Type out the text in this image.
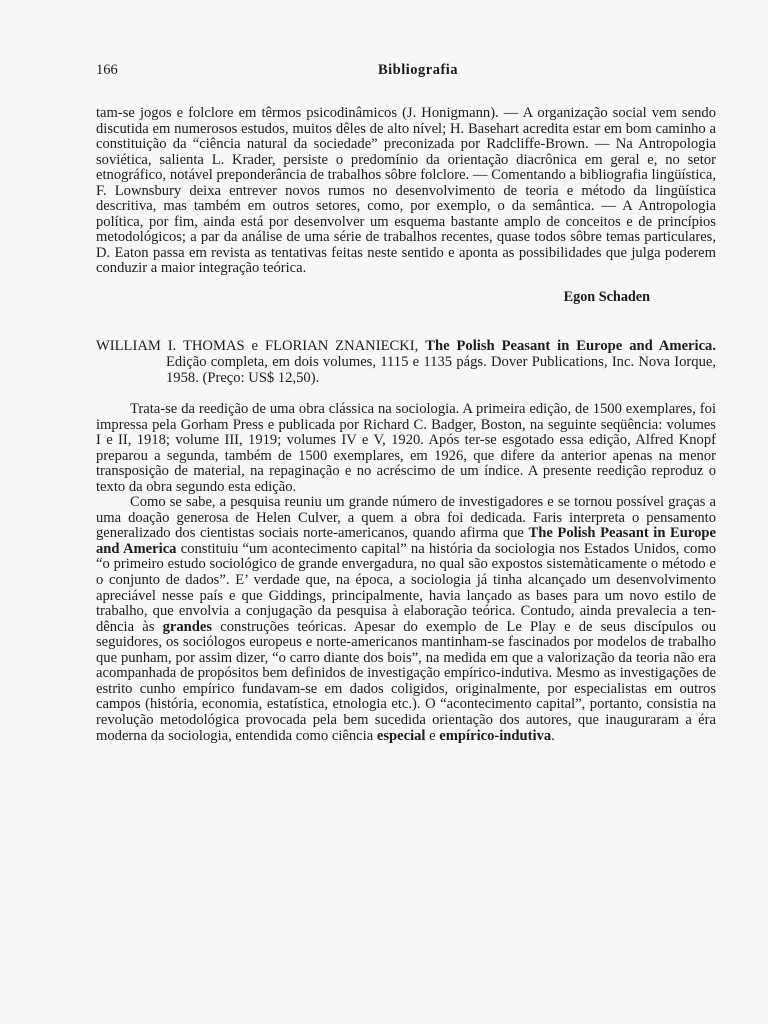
166	Bibliografia

tam-se jogos e folclore em têrmos psicodinâmicos (J. Honigmann). — A organização social vem sendo discutida em numerosos estudos, muitos dêles de alto nível; H. Basehart acredita estar em bom caminho a constituição da “ciência natural da sociedade” preconizada por Radcliffe-Brown. — Na Antropologia soviética, salienta L. Krader, persiste o predomínio da orientação diacrônica em geral e, no setor etnográfico, notável preponderância de trabalhos sôbre folclore. — Comentando a bibliografia lingüística, F. Lownsbury deixa entrever novos rumos no desenvolvimento de teoria e método da lingüística descritiva, mas também em outros setores, como, por exemplo, o da semântica. — A Antropologia política, por fim, ainda está por desenvolver um esquema bastante amplo de conceitos e de princípios metodológicos; a par da análise de uma série de trabalhos recentes, quase todos sôbre temas particulares, D. Eaton passa em revista as tentativas feitas neste sentido e aponta as possibilidades que julga poderem conduzir a maior integração teórica.

Egon Schaden

WILLIAM I. THOMAS e FLORIAN ZNANIECKI, The Polish Peasant in Europe and America. Edição completa, em dois volumes, 1115 e 1135 págs. Dover Publications, Inc. Nova Iorque, 1958. (Preço: US$ 12,50).

Trata-se da reedição de uma obra clássica na sociologia. A primeira edição, de 1500 exemplares, foi impressa pela Gorham Press e publicada por Richard C. Badger, Boston, na seguinte seqüência: volumes I e II, 1918; volume III, 1919; volumes IV e V, 1920. Após ter-se esgotado essa edição, Alfred Knopf preparou a segunda, também de 1500 exemplares, em 1926, que difere da anterior apenas na menor transposição de material, na repaginação e no acréscimo de um índice. A presente reedição reproduz o texto da obra segundo esta edição.

Como se sabe, a pesquisa reuniu um grande número de investigadores e se tornou possível graças a uma doação generosa de Helen Culver, a quem a obra foi dedicada. Faris interpreta o pensamento generalizado dos cientistas sociais norte-americanos, quando afirma que The Polish Peasant in Europe and America constituiu “um acontecimento capital” na história da sociologia nos Estados Unidos, como “o primeiro estudo sociológico de grande envergadura, no qual são expostos sistemàticamente o método e o conjunto de dados”. E’ verdade que, na época, a sociologia já tinha alcançado um desenvolvimento apreciável nesse país e que Giddings, principalmente, havia lançado as bases para um novo estilo de trabalho, que envolvia a conjugação da pesquisa à elaboração teórica. Contudo, ainda prevalecia a tendência às grandes construções teóricas. Apesar do exemplo de Le Play e de seus discípulos ou seguidores, os sociólogos europeus e norte-americanos mantinham-se fascinados por modelos de trabalho que punham, por assim dizer, “o carro diante dos bois”, na medida em que a valorização da teoria não era acompanhada de propósitos bem definidos de investigação empírico-indutiva. Mesmo as investigações de estrito cunho empírico fundavam-se em dados coligidos, originalmente, por especialistas em outros campos (história, economia, estatística, etnologia etc.). O “acontecimento capital”, portanto, consistia na revolução metodológica provocada pela bem sucedida orientação dos autores, que inauguraram a éra moderna da sociologia, entendida como ciência especial e empírico-indutiva.
